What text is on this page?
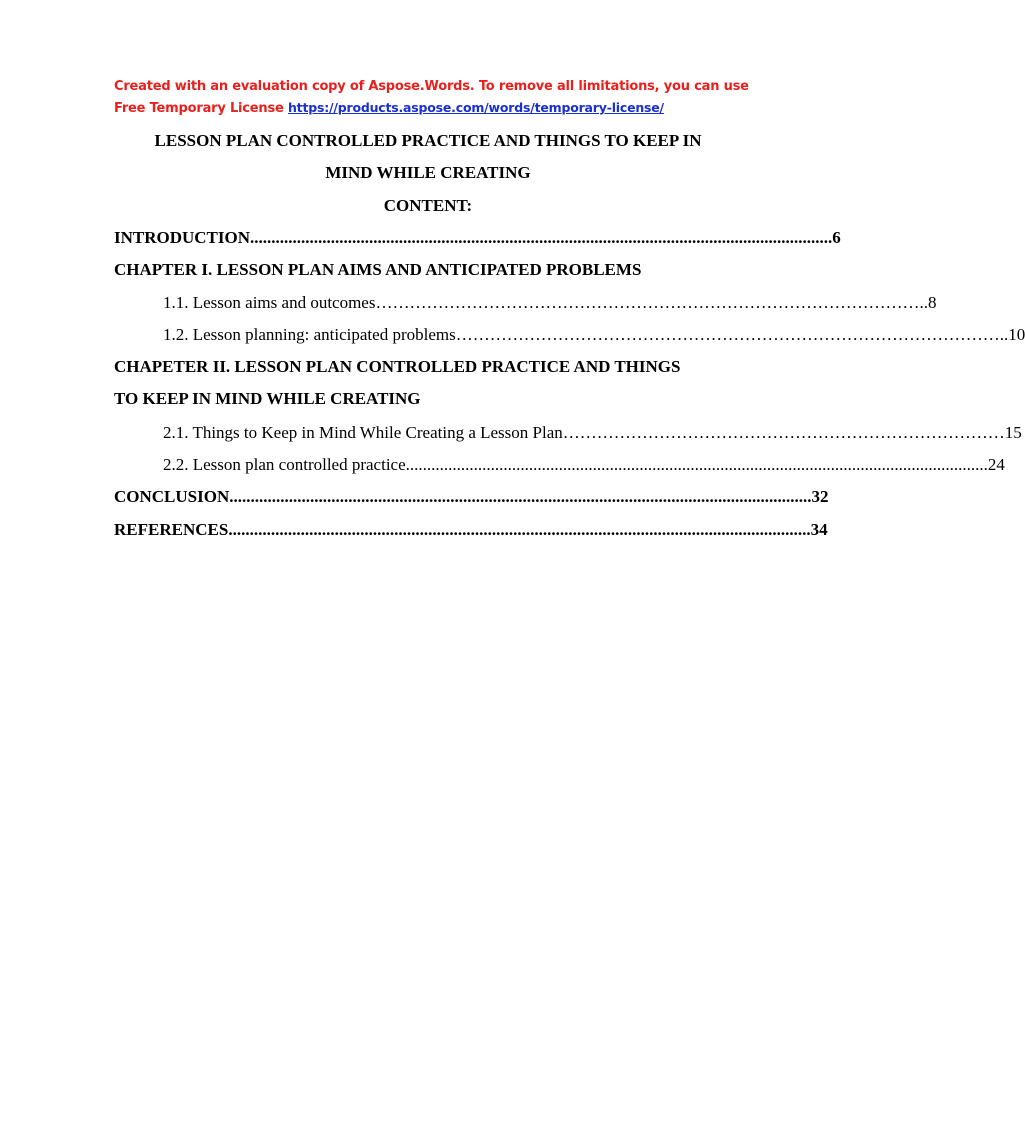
Created with an evaluation copy of Aspose.Words. To remove all limitations, you can use
Free Temporary License https://products.aspose.com/words/temporary-license/
LESSON PLAN CONTROLLED PRACTICE AND THINGS TO KEEP IN
MIND WHILE CREATING
CONTENT:
INTRODUCTION ......................................................................................................................................... 6
CHAPTER I. LESSON PLAN AIMS AND ANTICIPATED PROBLEMS
1.1. Lesson aims and outcomes …………………………………………………………………………………….. 8
1.2. Lesson planning: anticipated problems …………………………………………………………………………………….. 10
CHAPETER II. LESSON PLAN CONTROLLED PRACTICE AND THINGS
TO KEEP IN MIND WHILE CREATING
2.1. Things to Keep in Mind While Creating a Lesson Plan …………………………………………………………………… 15
2.2. Lesson plan controlled practice ......................................................................................................................................... 24
CONCLUSION ......................................................................................................................................... 32
REFERENCES ......................................................................................................................................... 34
